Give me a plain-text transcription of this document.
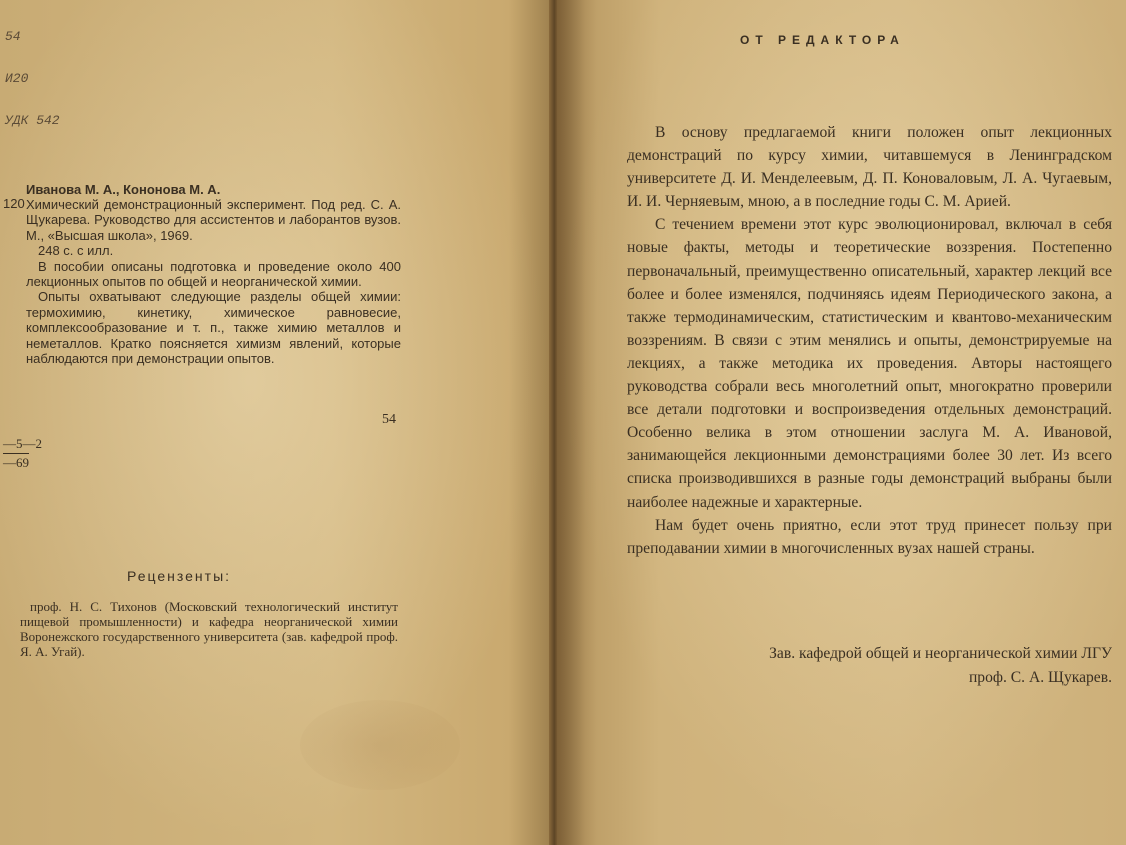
54

И20

УДК 542

120
Иванова М. А., Кононова М. А.

Химический демонстрационный эксперимент. Под ред. С. А. Щукарева. Руководство для ассистентов и лаборантов вузов. М., «Высшая школа», 1969.

248 с. с илл.

В пособии описаны подготовка и проведение около 400 лекционных опытов по общей и неорганической химии.

Опыты охватывают следующие разделы общей химии: термохимию, кинетику, химическое равновесие, комплексообразование и т. п., также химию металлов и неметаллов. Кратко поясняется химизм явлений, которые наблюдаются при демонстрации опытов.

54
—5—2
—69
Рецензенты:

проф. Н. С. Тихонов (Московский технологический институт пищевой промышленности) и кафедра неорганической химии Воронежского государственного университета (зав. кафедрой проф. Я. А. Угай).

ОТ РЕДАКТОРА

В основу предлагаемой книги положен опыт лекционных демонстраций по курсу химии, читавшемуся в Ленинградском университете Д. И. Менделеевым, Д. П. Коноваловым, Л. А. Чугаевым, И. И. Черняевым, мною, а в последние годы С. М. Арией.

С течением времени этот курс эволюционировал, включал в себя новые факты, методы и теоретические воззрения. Постепенно первоначальный, преимущественно описательный, характер лекций все более и более изменялся, подчиняясь идеям Периодического закона, а также термодинамическим, статистическим и квантово-механическим воззрениям. В связи с этим менялись и опыты, демонстрируемые на лекциях, а также методика их проведения. Авторы настоящего руководства собрали весь многолетний опыт, многократно проверили все детали подготовки и воспроизведения отдельных демонстраций. Особенно велика в этом отношении заслуга М. А. Ивановой, занимающейся лекционными демонстрациями более 30 лет. Из всего списка производившихся в разные годы демонстраций выбраны были наиболее надежные и характерные.

Нам будет очень приятно, если этот труд принесет пользу при преподавании химии в многочисленных вузах нашей страны.

Зав. кафедрой общей и неорганической химии ЛГУ
проф. С. А. Щукарев.
